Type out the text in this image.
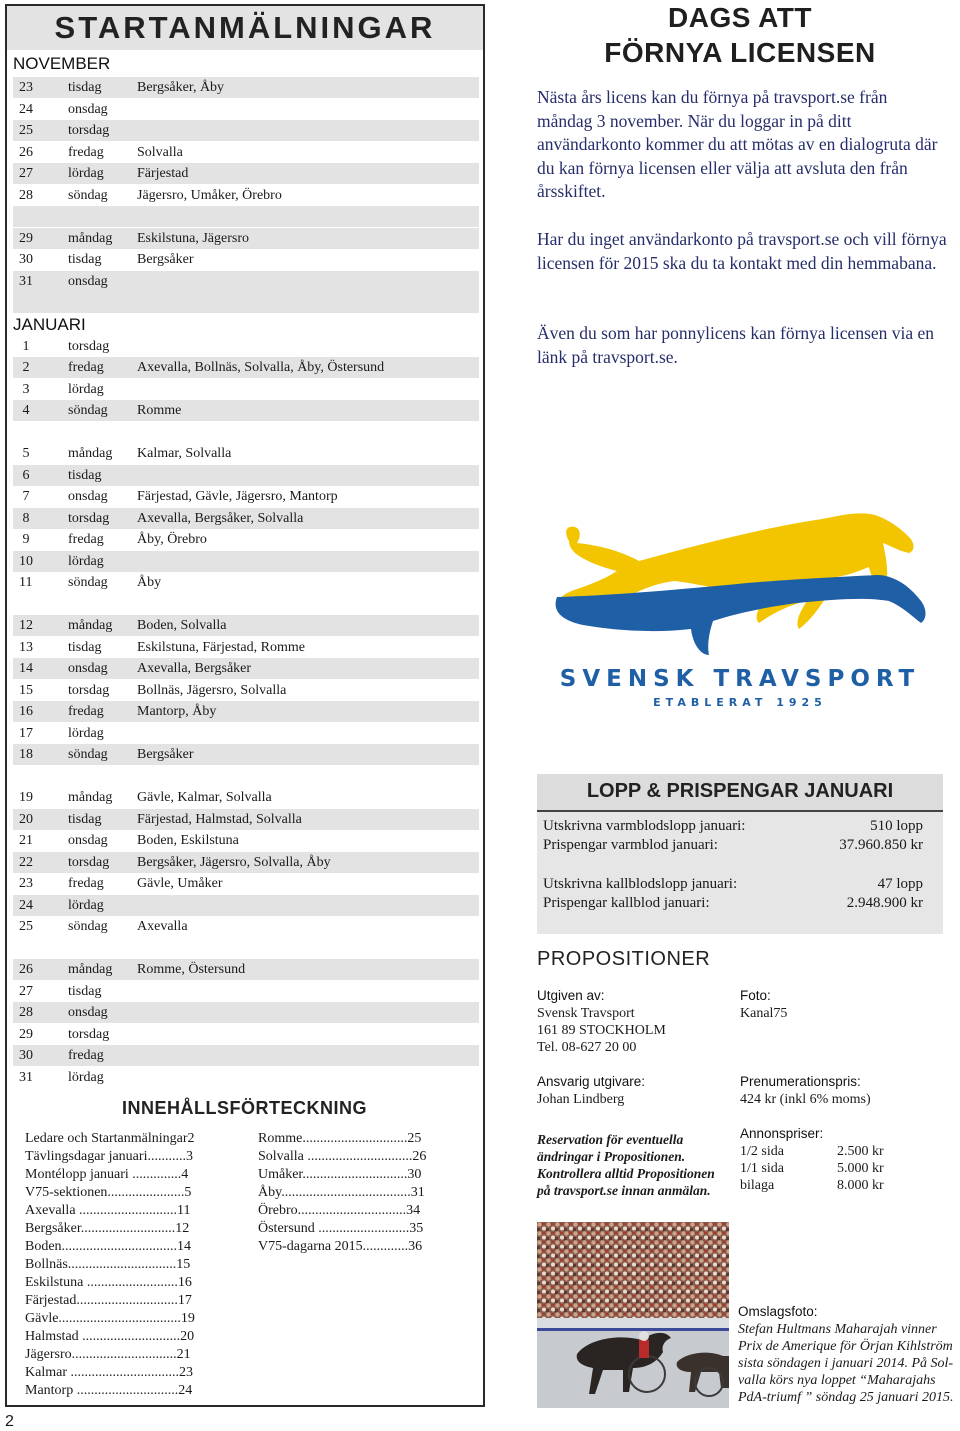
STARTANMÄLNINGAR
NOVEMBER
23	tisdag	Bergsåker, Åby
24	onsdag
25	torsdag
26	fredag Solvalla
27	lördag Färjestad
28	söndag Jägersro, Umåker, Örebro
29	måndag Eskilstuna, Jägersro
30	tisdag	Bergsåker
31	onsdag
JANUARI
1	torsdag
2	fredag Axevalla, Bollnäs, Solvalla, Åby, Östersund
3	lördag
4	söndag Romme
5	måndag Kalmar, Solvalla
6	tisdag
7	onsdag Färjestad, Gävle, Jägersro, Mantorp
8	torsdag Axevalla, Bergsåker, Solvalla
9	fredag Åby, Örebro
10	lördag
11	söndag Åby
12	måndag Boden, Solvalla
13	tisdag	Eskilstuna, Färjestad, Romme
14	onsdag Axevalla, Bergsåker
15	torsdag Bollnäs, Jägersro, Solvalla
16	fredag Mantorp, Åby
17	lördag
18	söndag Bergsåker
19	måndag Gävle, Kalmar, Solvalla
20	tisdag	Färjestad, Halmstad, Solvalla
21	onsdag Boden, Eskilstuna
22	torsdag Bergsåker, Jägersro, Solvalla, Åby
23	fredag Gävle, Umåker
24	lördag
25	söndag Axevalla
26	måndag Romme, Östersund
27	tisdag
28	onsdag
29	torsdag
30	fredag
31	lördag
INNEHÅLLSFÖRTECKNING
Ledare och Startanmälningar2
Tävlingsdagar januari...........3
Montélopp januari ..............4
V75-sektionen......................5
Axevalla ............................11
Bergsåker...........................12
Boden.................................14
Bollnäs...............................15
Eskilstuna ..........................16
Färjestad.............................17
Gävle...................................19
Halmstad ............................20
Jägersro..............................21
Kalmar ...............................23
Mantorp .............................24
Romme..............................25
Solvalla ..............................26
Umåker..............................30
Åby.....................................31
Örebro...............................34
Östersund ..........................35
V75-dagarna 2015.............36
DAGS ATT
FÖRNYA LICENSEN
Nästa års licens kan du förnya på travsport.se från måndag 3 november. När du loggar in på ditt användarkonto kommer du att mötas av en dialogruta där du kan förnya licensen eller välja att avsluta den från årsskiftet.
Har du inget användarkonto på travsport.se och vill förnya licensen för 2015 ska du ta kontakt med din hemmabana.
Även du som har ponnylicens kan förnya licensen via en länk på travsport.se.
SVENSK TRAVSPORT
ETABLERAT 1925
LOPP & PRISPENGAR JANUARI
Utskrivna varmblodslopp januari:	510 lopp
Prispengar varmblod januari:	37.960.850 kr
Utskrivna kallblodslopp januari:	47 lopp
Prispengar kallblod januari:	2.948.900 kr
PROPOSITIONER
Utgiven av:
Svensk Travsport
161 89 STOCKHOLM
Tel. 08-627 20 00
Foto:
Kanal75
Ansvarig utgivare:
Johan Lindberg
Prenumerationspris:
424 kr (inkl 6% moms)
Reservation för eventuella
ändringar i Propositionen.
Kontrollera alltid Propositionen
på travsport.se innan anmälan.
Annonspriser:
1/2 sida	2.500 kr
1/1 sida	5.000 kr
bilaga	8.000 kr
Omslagsfoto:
Stefan Hultmans Maharajah vinner
Prix de Amerique för Örjan Kihlström
sista söndagen i januari 2014. På Sol-
valla körs nya loppet “Maharajahs
PdA-triumf ” söndag 25 januari 2015.
2
